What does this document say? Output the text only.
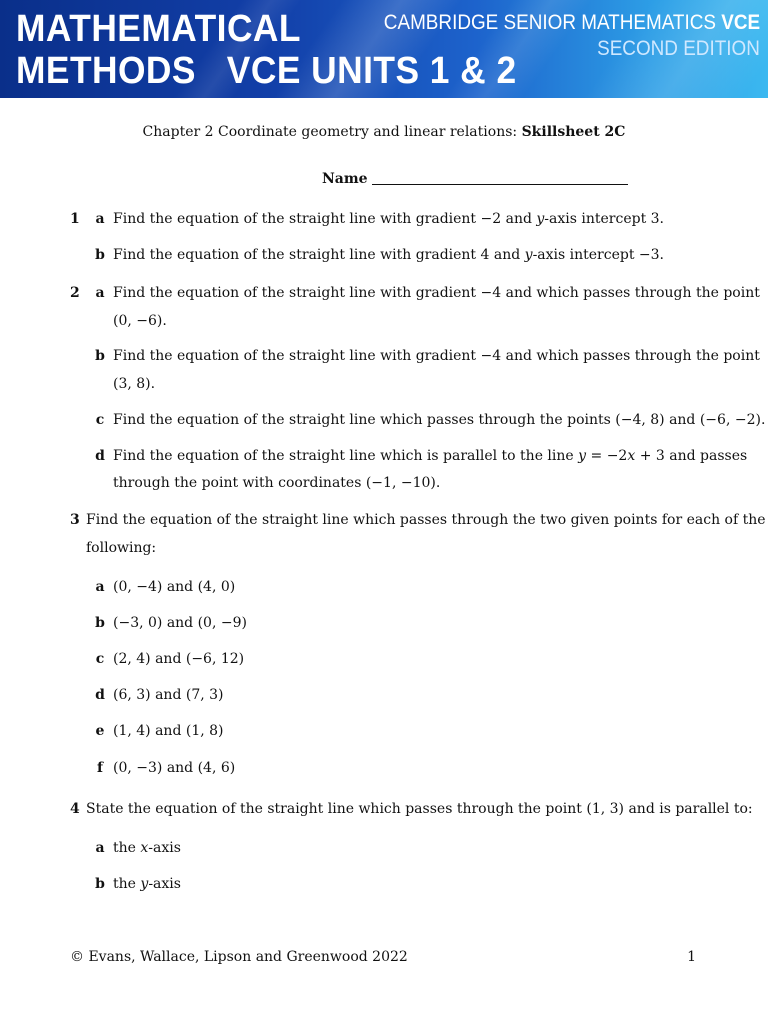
MATHEMATICAL
METHODS   VCE UNITS 1 & 2
CAMBRIDGE SENIOR MATHEMATICS VCE
SECOND EDITION
Chapter 2 Coordinate geometry and linear relations: Skillsheet 2C
Name
1 a Find the equation of the straight line with gradient −2 and y-axis intercept 3.
b Find the equation of the straight line with gradient 4 and y-axis intercept −3.
2 a Find the equation of the straight line with gradient −4 and which passes through the point
(0, −6).
b Find the equation of the straight line with gradient −4 and which passes through the point
(3, 8).
c Find the equation of the straight line which passes through the points (−4, 8) and (−6, −2).
d Find the equation of the straight line which is parallel to the line y = −2x + 3 and passes
through the point with coordinates (−1, −10).
3 Find the equation of the straight line which passes through the two given points for each of the
following:
a (0, −4) and (4, 0)
b (−3, 0) and (0, −9)
c (2, 4) and (−6, 12)
d (6, 3) and (7, 3)
e (1, 4) and (1, 8)
f (0, −3) and (4, 6)
4 State the equation of the straight line which passes through the point (1, 3) and is parallel to:
a the x-axis
b the y-axis
© Evans, Wallace, Lipson and Greenwood 2022	1
